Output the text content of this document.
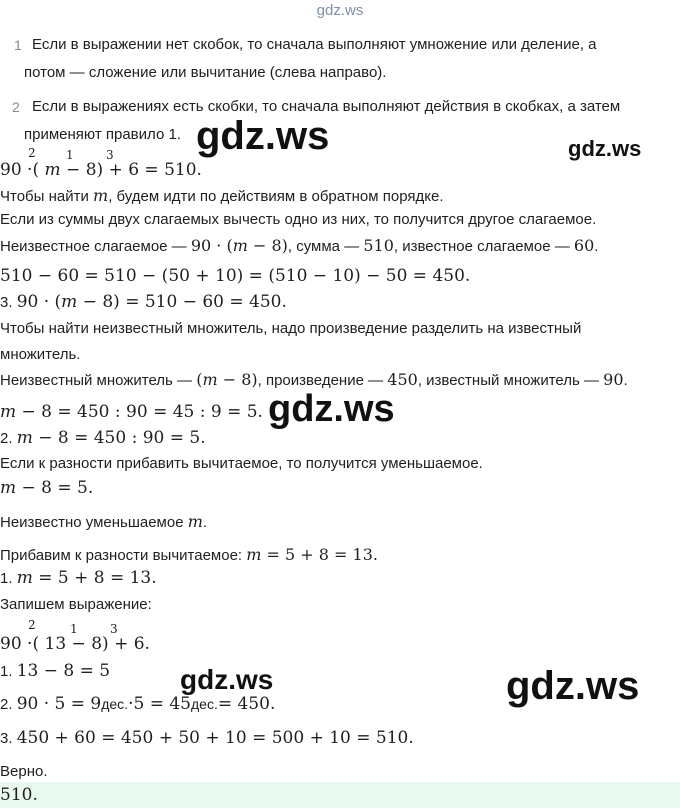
gdz.ws
1 Если в выражении нет скобок, то сначала выполняют умножение или деление, а
потом — сложение или вычитание (слева направо).
2 Если в выражениях есть скобки, то сначала выполняют действия в скобках, а затем
применяют правило 1. gdz.ws	gdz.ws
gdz.ws
gdz.ws	gdz.ws
2	1	3
90 ·( m − 8) + 6 = 510.
Чтобы найти m, будем идти по действиям в обратном порядке.
Если из суммы двух слагаемых вычесть одно из них, то получится другое слагаемое.
Неизвестное слагаемое — 90 · (m − 8), сумма — 510, известное слагаемое — 60.
510 − 60 = 510 − (50 + 10) = (510 − 10) − 50 = 450.
3. 90 · (m − 8) = 510 − 60 = 450.
Чтобы найти неизвестный множитель, надо произведение разделить на известный
множитель.
Неизвестный множитель — (m − 8), произведение — 450, известный множитель — 90.
m − 8 = 450 : 90 = 45 : 9 = 5.
2. m − 8 = 450 : 90 = 5.
Если к разности прибавить вычитаемое, то получится уменьшаемое.
m − 8 = 5.
Неизвестно уменьшаемое m.
Прибавим к разности вычитаемое: m = 5 + 8 = 13.
1. m = 5 + 8 = 13.
Запишем выражение:
2	1	3
90 ·( 13 − 8) + 6.
1. 13 − 8 = 5
2. 90 · 5 = 9дес.·5 = 45дес.= 450.
3. 450 + 60 = 450 + 50 + 10 = 500 + 10 = 510.
Верно.
510.
